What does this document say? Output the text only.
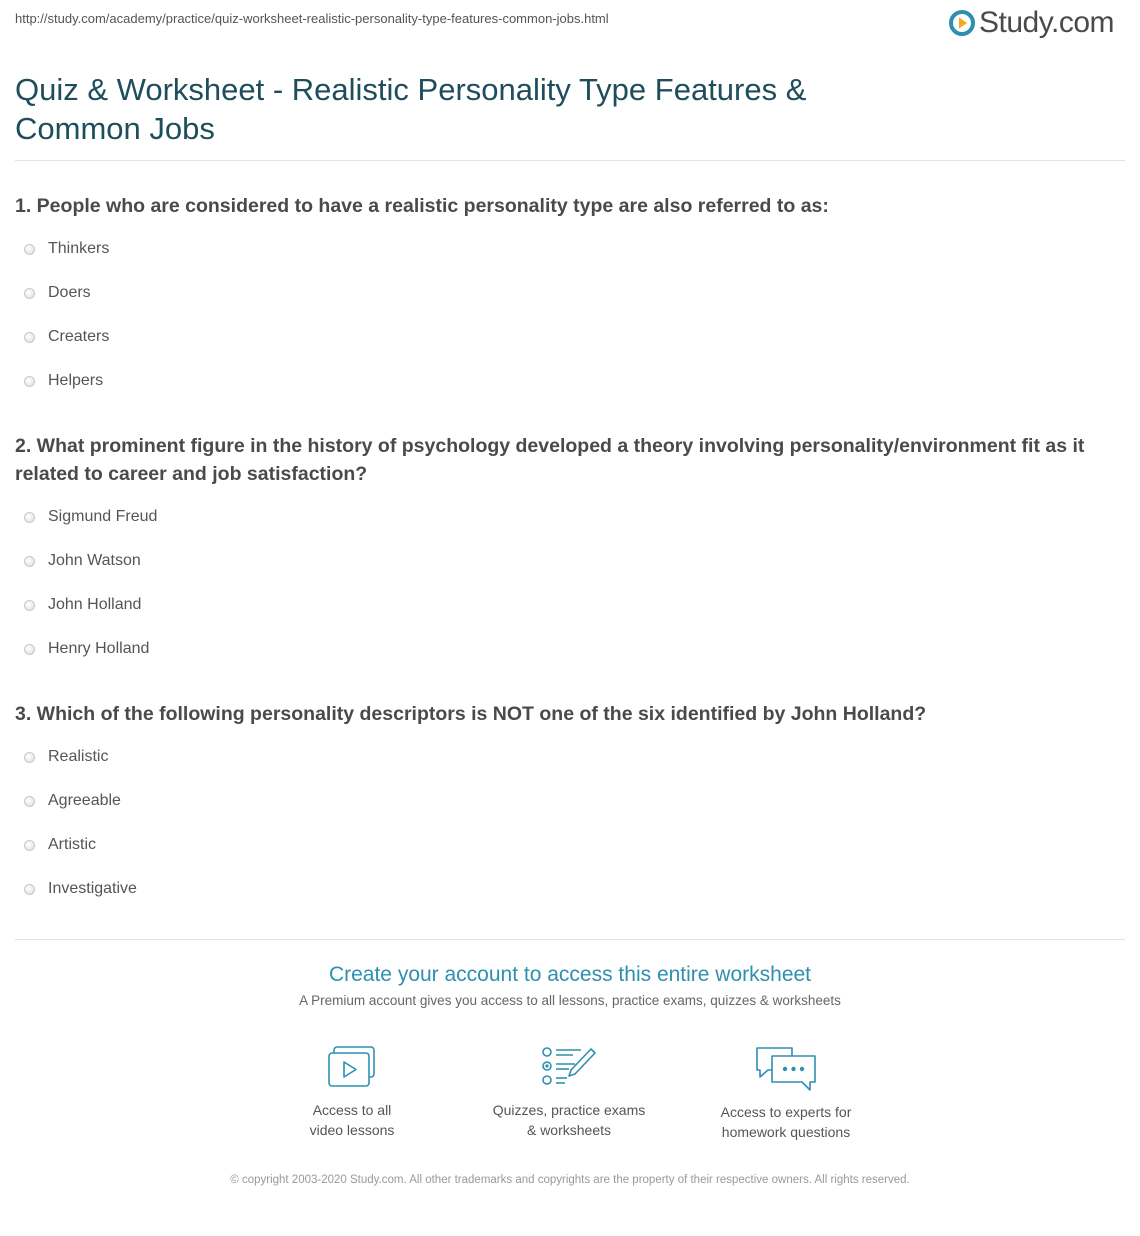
http://study.com/academy/practice/quiz-worksheet-realistic-personality-type-features-common-jobs.html	Study.com
Quiz & Worksheet - Realistic Personality Type Features & Common Jobs
1. People who are considered to have a realistic personality type are also referred to as:
Thinkers
Doers
Creaters
Helpers
2. What prominent figure in the history of psychology developed a theory involving personality/environment fit as it related to career and job satisfaction?
Sigmund Freud
John Watson
John Holland
Henry Holland
3. Which of the following personality descriptors is NOT one of the six identified by John Holland?
Realistic
Agreeable
Artistic
Investigative
Create your account to access this entire worksheet
A Premium account gives you access to all lessons, practice exams, quizzes & worksheets
Access to all
video lessons
Quizzes, practice exams
& worksheets
Access to experts for
homework questions
© copyright 2003-2020 Study.com. All other trademarks and copyrights are the property of their respective owners. All rights reserved.
